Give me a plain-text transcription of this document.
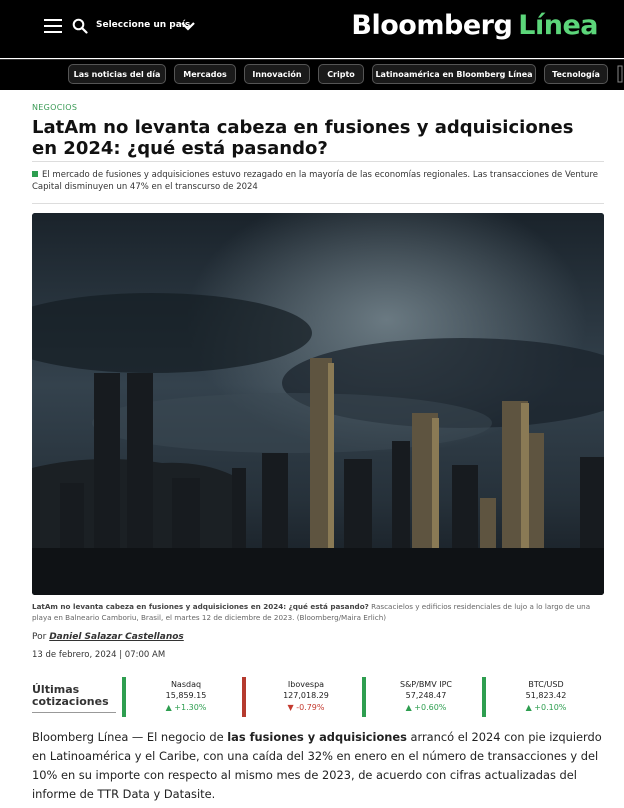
Seleccione un país	Bloomberg Línea
Las noticias del día	Mercados	Innovación	Cripto	Latinoamérica en Bloomberg Línea	Tecnología
NEGOCIOS
LatAm no levanta cabeza en fusiones y adquisiciones en 2024: ¿qué está pasando?
El mercado de fusiones y adquisiciones estuvo rezagado en la mayoría de las economías regionales. Las transacciones de Venture Capital disminuyen un 47% en el transcurso de 2024
LatAm no levanta cabeza en fusiones y adquisiciones en 2024: ¿qué está pasando? Rascacielos y edificios residenciales de lujo a lo largo de una playa en Balneario Camboriu, Brasil, el martes 12 de diciembre de 2023. (Bloomberg/Maira Erlich)
Por Daniel Salazar Castellanos
13 de febrero, 2024 | 07:00 AM
Últimas
cotizaciones
Nasdaq
15,859.15
▲ +1.30%
Ibovespa
127,018.29
▼ -0.79%
S&P/BMV IPC
57,248.47
▲ +0.60%
BTC/USD
51,823.42
▲ +0.10%

Bloomberg Línea — El negocio de las fusiones y adquisiciones arrancó el 2024 con pie izquierdo en Latinoamérica y el Caribe, con una caída del 32% en enero en el número de transacciones y del 10% en su importe con respecto al mismo mes de 2023, de acuerdo con cifras actualizadas del informe de TTR Data y Datasite.
